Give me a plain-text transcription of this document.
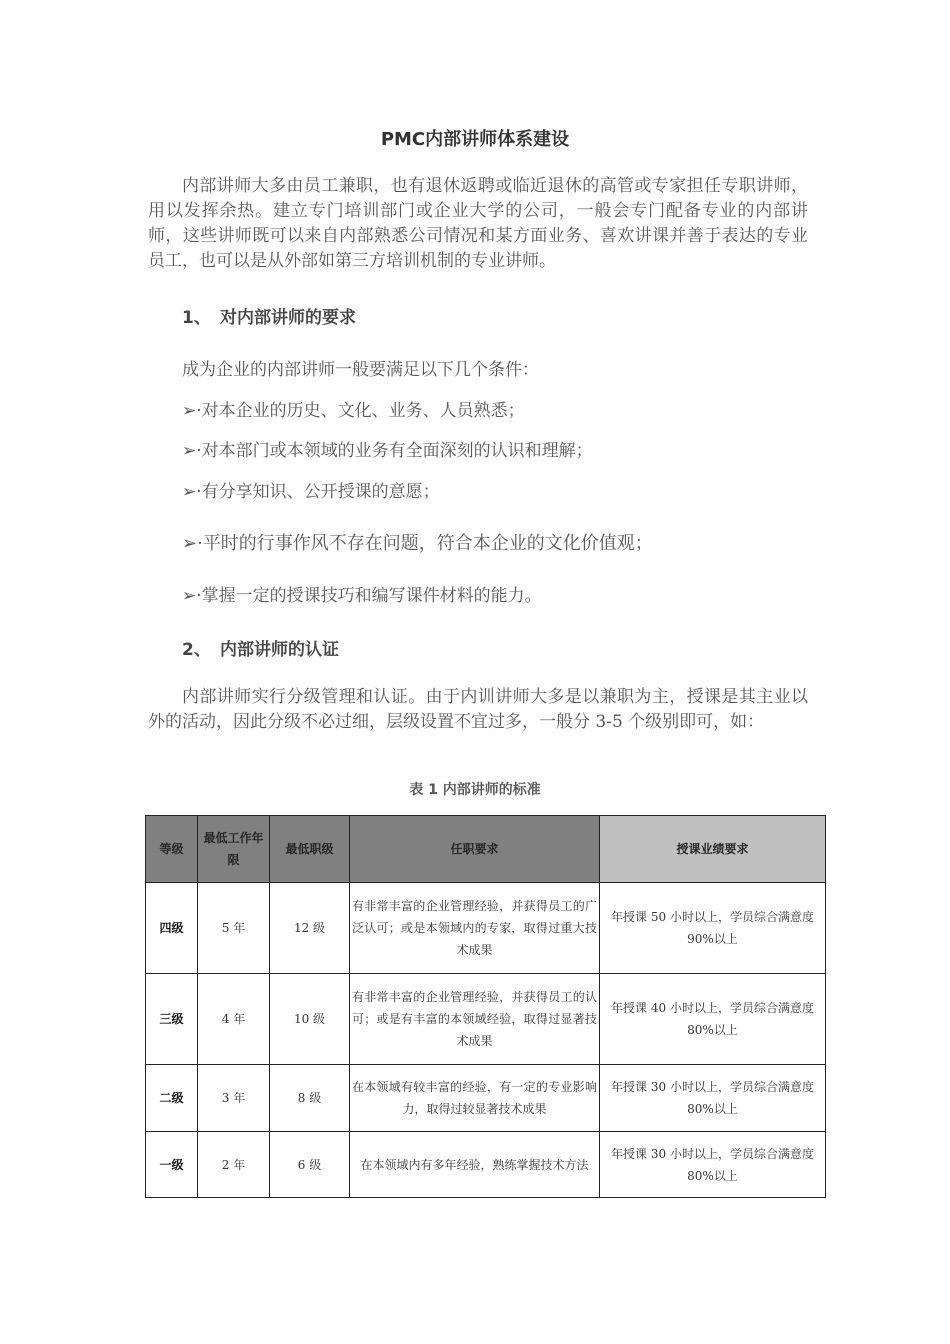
PMC内部讲师体系建设

内部讲师大多由员工兼职，也有退休返聘或临近退休的高管或专家担任专职讲师，用以发挥余热。建立专门培训部门或企业大学的公司，一般会专门配备专业的内部讲师，这些讲师既可以来自内部熟悉公司情况和某方面业务、喜欢讲课并善于表达的专业员工，也可以是从外部如第三方培训机制的专业讲师。

1、 对内部讲师的要求
成为企业的内部讲师一般要满足以下几个条件：
➢·对本企业的历史、文化、业务、人员熟悉；
➢·对本部门或本领域的业务有全面深刻的认识和理解；
➢·有分享知识、公开授课的意愿；
➢·平时的行事作风不存在问题，符合本企业的文化价值观；
➢·掌握一定的授课技巧和编写课件材料的能力。
2、 内部讲师的认证

内部讲师实行分级管理和认证。由于内训讲师大多是以兼职为主，授课是其主业以外的活动，因此分级不必过细，层级设置不宜过多，一般分 3-5 个级别即可，如：

表 1 内部讲师的标准
等级	最低工作年限	最低职级	任职要求	授课业绩要求
四级	5 年	12 级	有非常丰富的企业管理经验，并获得员工的广泛认可；或是本领域内的专家，取得过重大技术成果	年授课 50 小时以上，学员综合满意度 90%以上
三级	4 年	10 级	有非常丰富的企业管理经验，并获得员工的认可；或是有丰富的本领域经验，取得过显著技术成果	年授课 40 小时以上，学员综合满意度 80%以上
二级	3 年	8 级	在本领域有较丰富的经验，有一定的专业影响力，取得过较显著技术成果	年授课 30 小时以上，学员综合满意度 80%以上
一级	2 年	6 级	在本领域内有多年经验，熟练掌握技术方法	年授课 30 小时以上，学员综合满意度 80%以上
